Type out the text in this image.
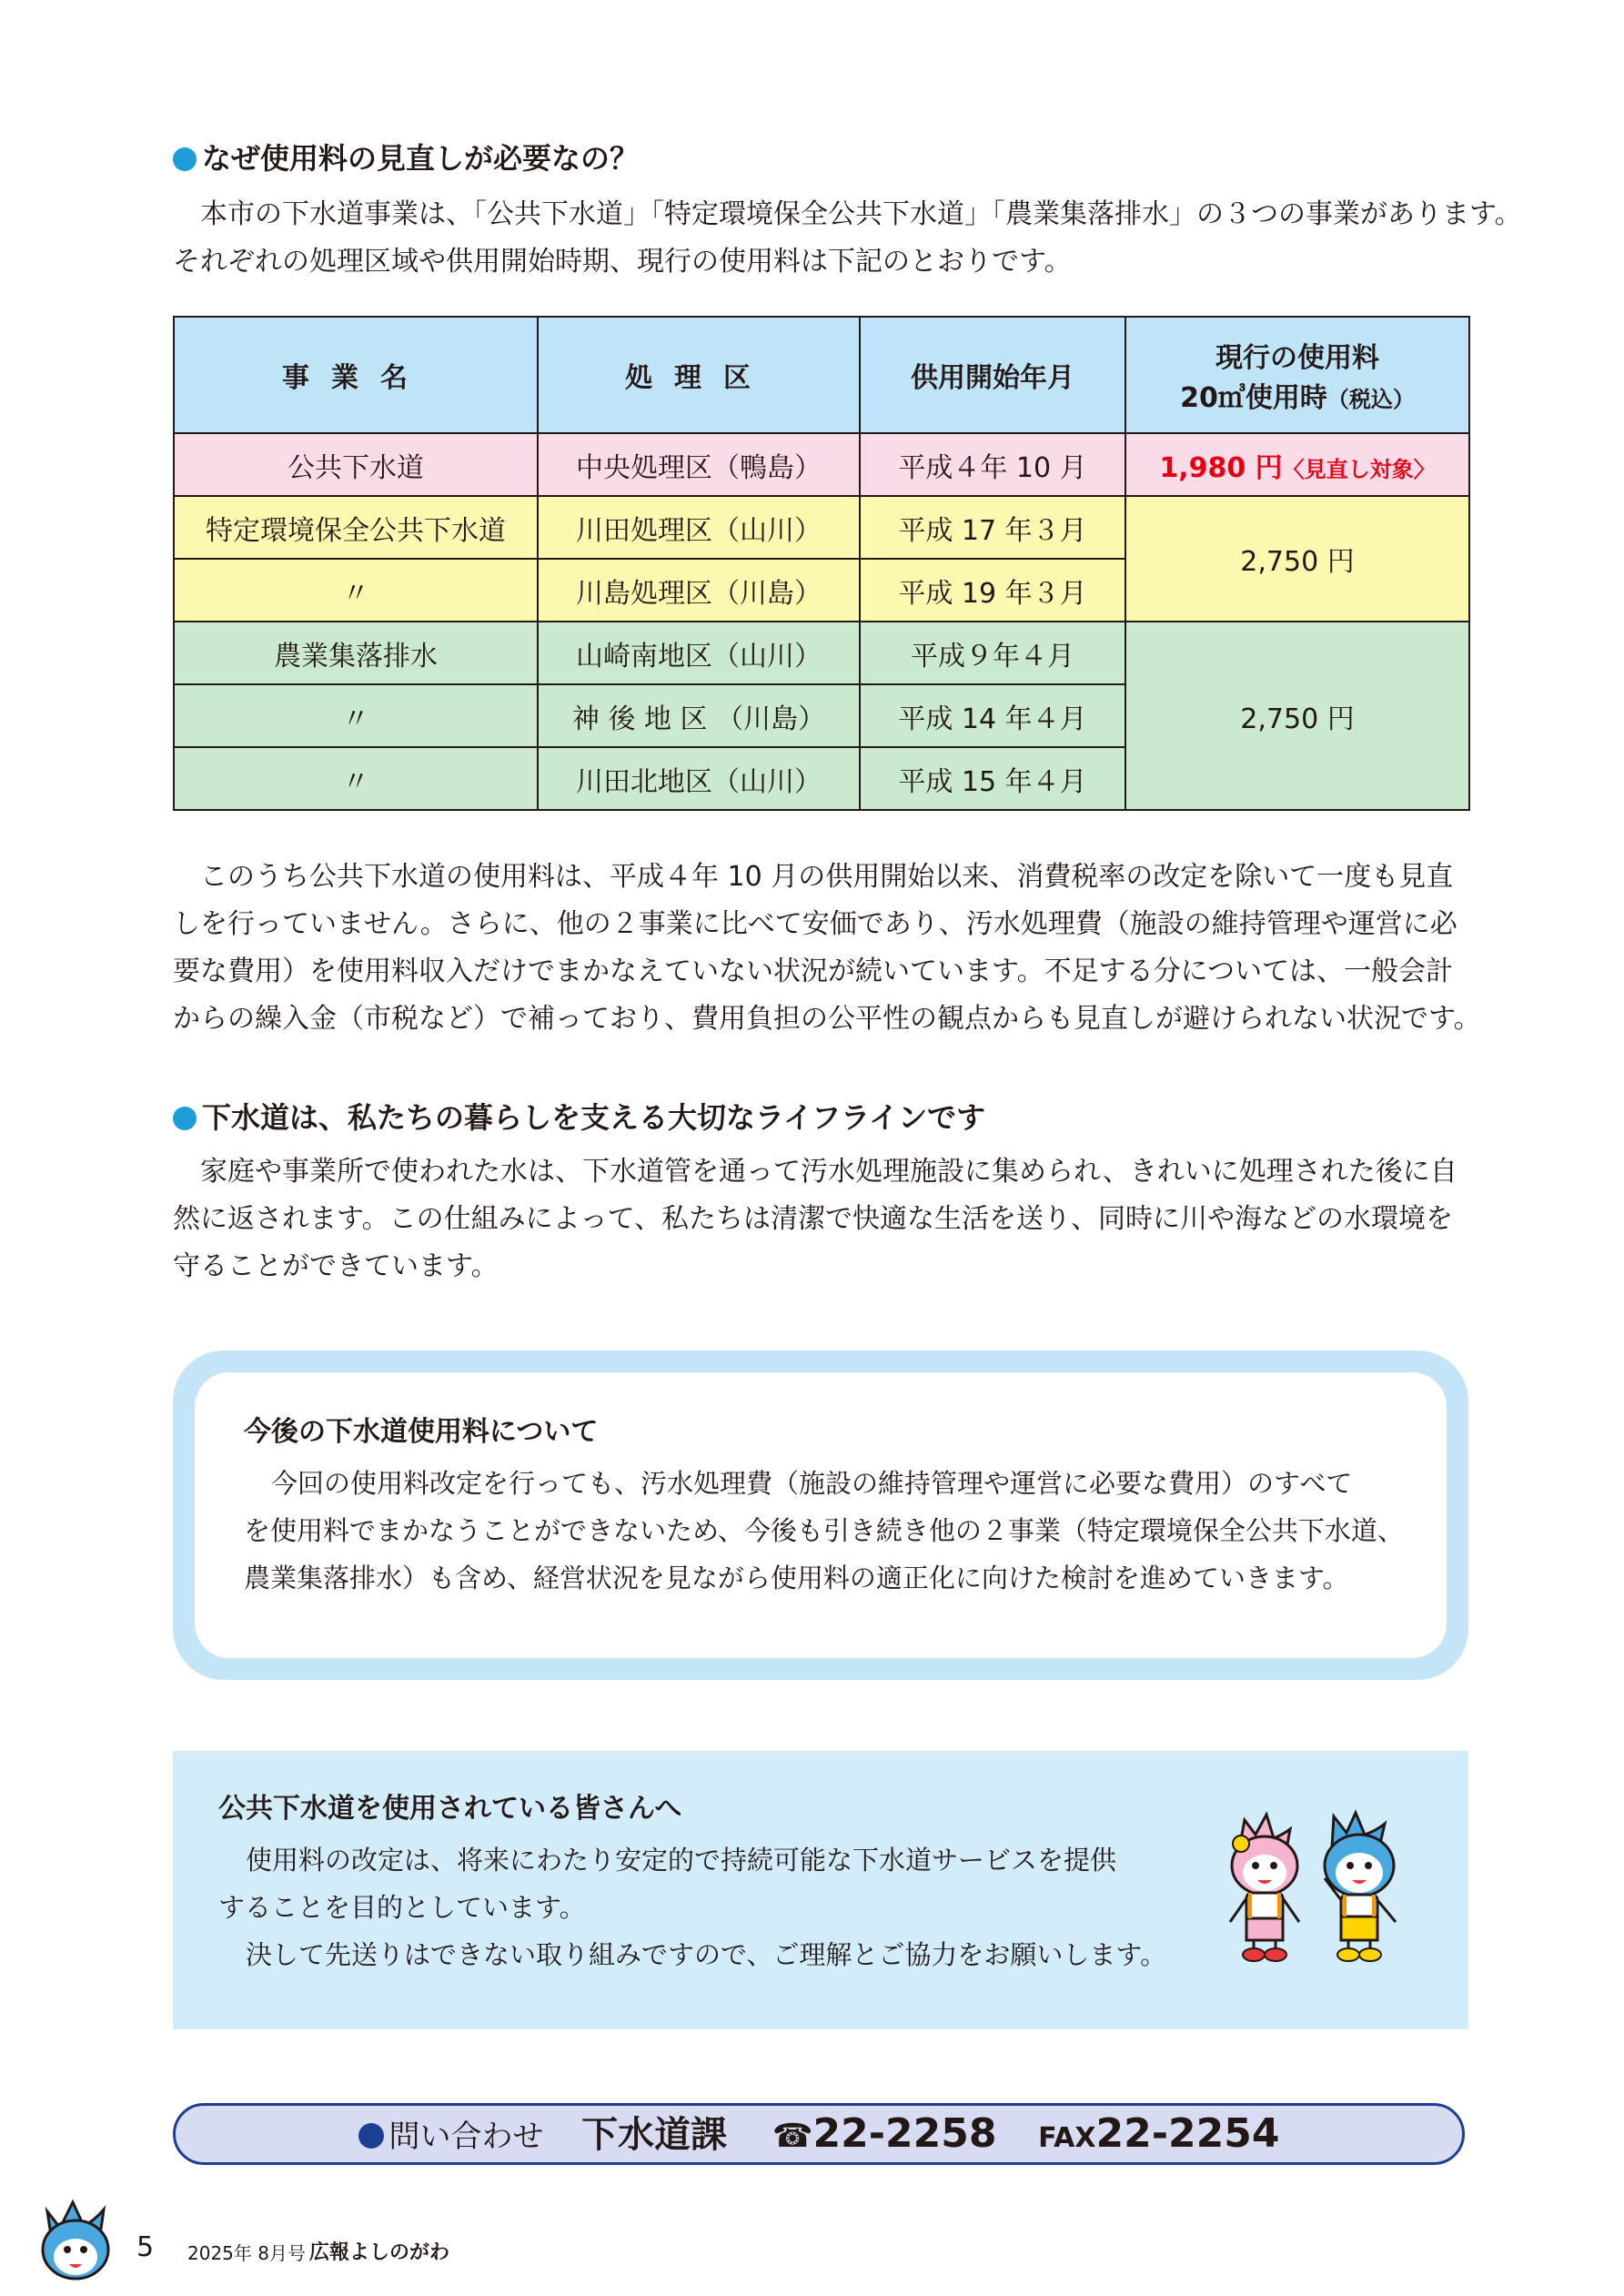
なぜ使用料の見直しが必要なの？

本市の下水道事業は、「公共下水道」「特定環境保全公共下水道」「農業集落排水」の３つの事業があります。

それぞれの処理区域や供用開始時期、現行の使用料は下記のとおりです。

事業名	処理区	供用開始年月	現行の使用料
20㎥使用時（税込）

公共下水道	中央処理区（鴨島）	平成４年 10 月	1,980 円〈見直し対象〉
特定環境保全公共下水道	川田処理区（山川）	平成 17 年３月	2,750 円
〃	川島処理区（川島）	平成 19 年３月	
農業集落排水	山崎南地区（山川）	平成９年４月	2,750 円
〃	神 後 地 区 （川島）	平成 14 年４月	
〃	川田北地区（山川）	平成 15 年４月	

このうち公共下水道の使用料は、平成４年 10 月の供用開始以来、消費税率の改定を除いて一度も見直

しを行っていません。さらに、他の２事業に比べて安価であり、汚水処理費（施設の維持管理や運営に必

要な費用）を使用料収入だけでまかなえていない状況が続いています。不足する分については、一般会計

からの繰入金（市税など）で補っており、費用負担の公平性の観点からも見直しが避けられない状況です。

下水道は、私たちの暮らしを支える大切なライフラインです

家庭や事業所で使われた水は、下水道管を通って汚水処理施設に集められ、きれいに処理された後に自

然に返されます。この仕組みによって、私たちは清潔で快適な生活を送り、同時に川や海などの水環境を

守ることができています。

今後の下水道使用料について

今回の使用料改定を行っても、汚水処理費（施設の維持管理や運営に必要な費用）のすべて

を使用料でまかなうことができないため、今後も引き続き他の２事業（特定環境保全公共下水道、

農業集落排水）も含め、経営状況を見ながら使用料の適正化に向けた検討を進めていきます。

公共下水道を使用されている皆さんへ

使用料の改定は、将来にわたり安定的で持続可能な下水道サービスを提供

することを目的としています。

決して先送りはできない取り組みですので、ご理解とご協力をお願いします。

問い合わせ 下水道課 ☎22-2258 FAX22-2254
5 2025年 8月号 広報よしのがわ
